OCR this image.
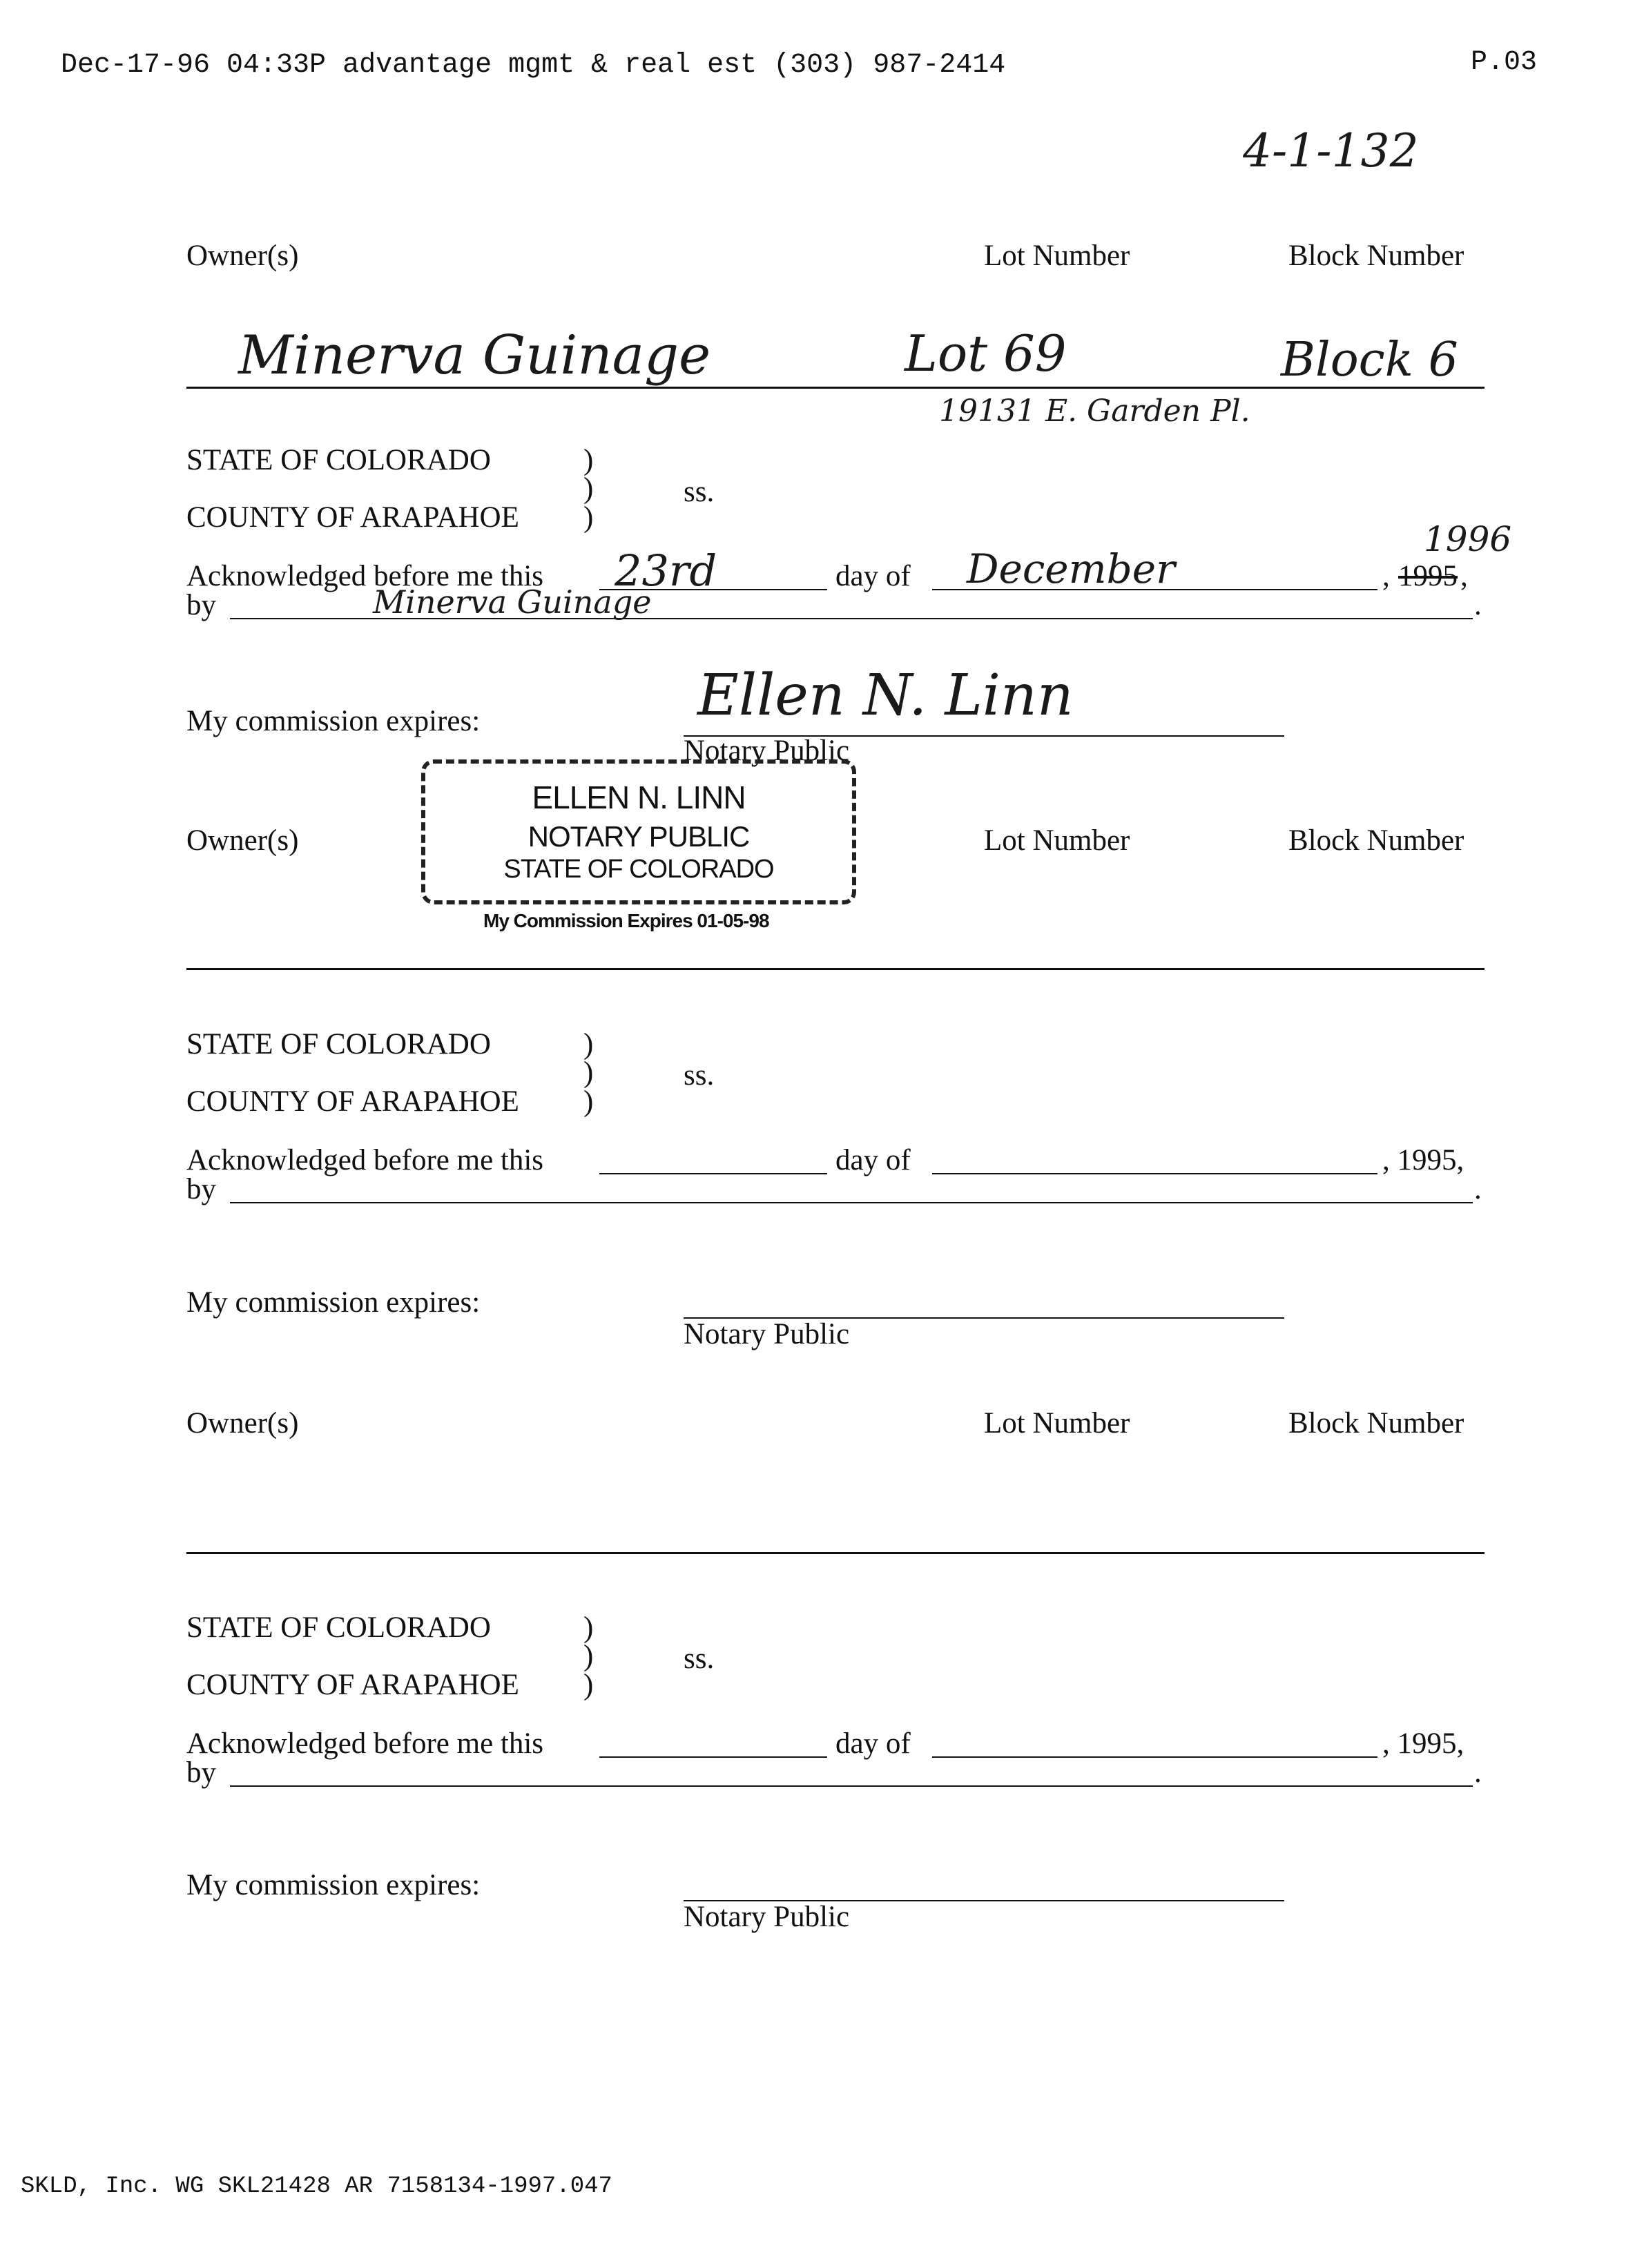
Dec-17-96 04:33P advantage mgmt & real est (303) 987-2414	P.03
4-1-132
Owner(s)	Lot Number	Block Number
Minerva Guinage	Lot 69	Block 6
19131 E. Garden Pl.
STATE OF COLORADO	)
)	ss.
COUNTY OF ARAPAHOE )
Acknowledged before me this 23rd	day of December	, 1995 ,
1996
by	Minerva Guinage	.
My commission expires:	Ellen N. Linn
Notary Public
ELLEN N. LINN
NOTARY PUBLIC
STATE OF COLORADO
My Commission Expires 01-05-98
Owner(s)	Lot Number	Block Number
STATE OF COLORADO	)
)	ss.
COUNTY OF ARAPAHOE )
Acknowledged before me this	day of	, 1995,
by	.
My commission expires:
Notary Public
Owner(s)	Lot Number	Block Number
STATE OF COLORADO	)
)	ss.
COUNTY OF ARAPAHOE )
Acknowledged before me this	day of	, 1995,
by	.
My commission expires:
Notary Public
SKLD, Inc. WG SKL21428 AR 7158134-1997.047
